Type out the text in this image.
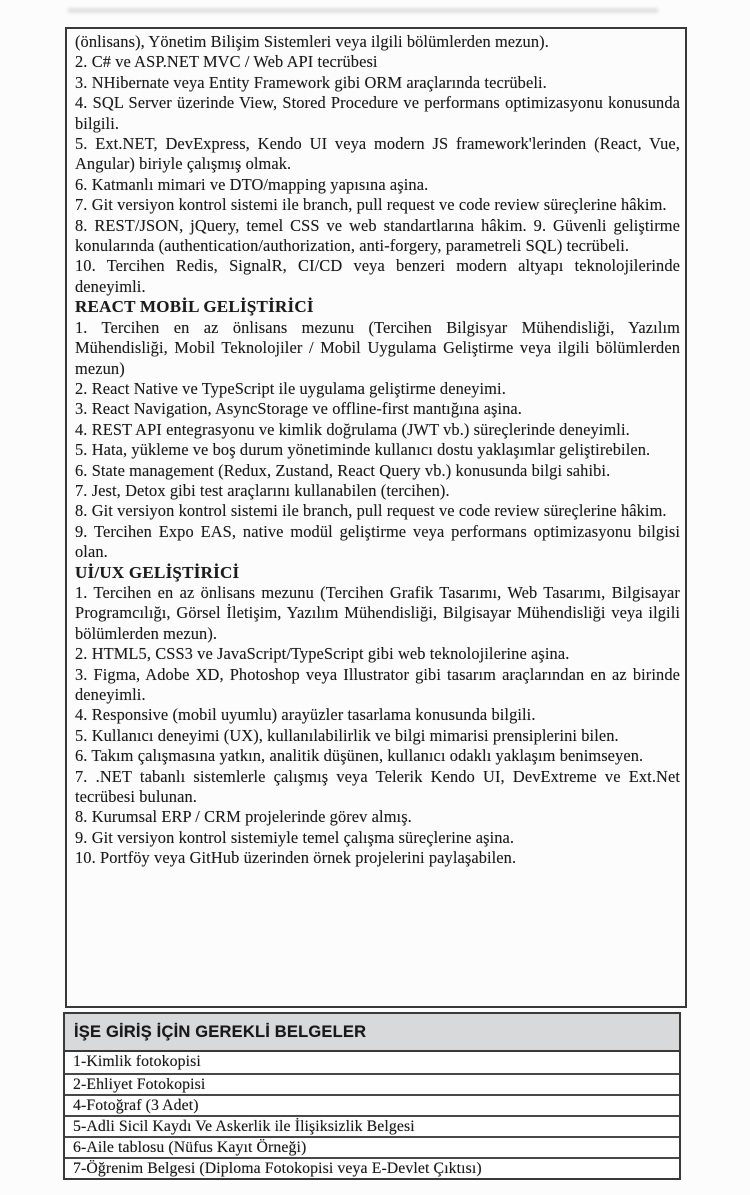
(önlisans), Yönetim Bilişim Sistemleri veya ilgili bölümlerden mezun).

2. C# ve ASP.NET MVC / Web API tecrübesi

3. NHibernate veya Entity Framework gibi ORM araçlarında tecrübeli.

4. SQL Server üzerinde View, Stored Procedure ve performans optimizasyonu konusunda bilgili.

5. Ext.NET, DevExpress, Kendo UI veya modern JS framework'lerinden (React, Vue, Angular) biriyle çalışmış olmak.

6. Katmanlı mimari ve DTO/mapping yapısına aşina.

7. Git versiyon kontrol sistemi ile branch, pull request ve code review süreçlerine hâkim.

8. REST/JSON, jQuery, temel CSS ve web standartlarına hâkim. 9. Güvenli geliştirme konularında (authentication/authorization, anti-forgery, parametreli SQL) tecrübeli.

10. Tercihen Redis, SignalR, CI/CD veya benzeri modern altyapı teknolojilerinde deneyimli.

REACT MOBİL GELİŞTİRİCİ

1. Tercihen en az önlisans mezunu (Tercihen Bilgisyar Mühendisliği, Yazılım Mühendisliği, Mobil Teknolojiler / Mobil Uygulama Geliştirme veya ilgili bölümlerden mezun)

2. React Native ve TypeScript ile uygulama geliştirme deneyimi.

3. React Navigation, AsyncStorage ve offline-first mantığına aşina.

4. REST API entegrasyonu ve kimlik doğrulama (JWT vb.) süreçlerinde deneyimli.

5. Hata, yükleme ve boş durum yönetiminde kullanıcı dostu yaklaşımlar geliştirebilen.

6. State management (Redux, Zustand, React Query vb.) konusunda bilgi sahibi.

7. Jest, Detox gibi test araçlarını kullanabilen (tercihen).

8. Git versiyon kontrol sistemi ile branch, pull request ve code review süreçlerine hâkim.

9. Tercihen Expo EAS, native modül geliştirme veya performans optimizasyonu bilgisi olan.

Uİ/UX GELİŞTİRİCİ

1. Tercihen en az önlisans mezunu (Tercihen Grafik Tasarımı, Web Tasarımı, Bilgisayar Programcılığı, Görsel İletişim, Yazılım Mühendisliği, Bilgisayar Mühendisliği veya ilgili bölümlerden mezun).

2. HTML5, CSS3 ve JavaScript/TypeScript gibi web teknolojilerine aşina.

3. Figma, Adobe XD, Photoshop veya Illustrator gibi tasarım araçlarından en az birinde deneyimli.

4. Responsive (mobil uyumlu) arayüzler tasarlama konusunda bilgili.

5. Kullanıcı deneyimi (UX), kullanılabilirlik ve bilgi mimarisi prensiplerini bilen.

6. Takım çalışmasına yatkın, analitik düşünen, kullanıcı odaklı yaklaşım benimseyen.

7. .NET tabanlı sistemlerle çalışmış veya Telerik Kendo UI, DevExtreme ve Ext.Net tecrübesi bulunan.

8. Kurumsal ERP / CRM projelerinde görev almış.

9. Git versiyon kontrol sistemiyle temel çalışma süreçlerine aşina.

10. Portföy veya GitHub üzerinden örnek projelerini paylaşabilen.

İŞE GİRİŞ İÇİN GEREKLİ BELGELER
1-Kimlik fotokopisi
2-Ehliyet Fotokopisi
4-Fotoğraf (3 Adet)
5-Adli Sicil Kaydı Ve Askerlik ile İlişiksizlik Belgesi
6-Aile tablosu (Nüfus Kayıt Örneği)
7-Öğrenim Belgesi (Diploma Fotokopisi veya E-Devlet Çıktısı)
